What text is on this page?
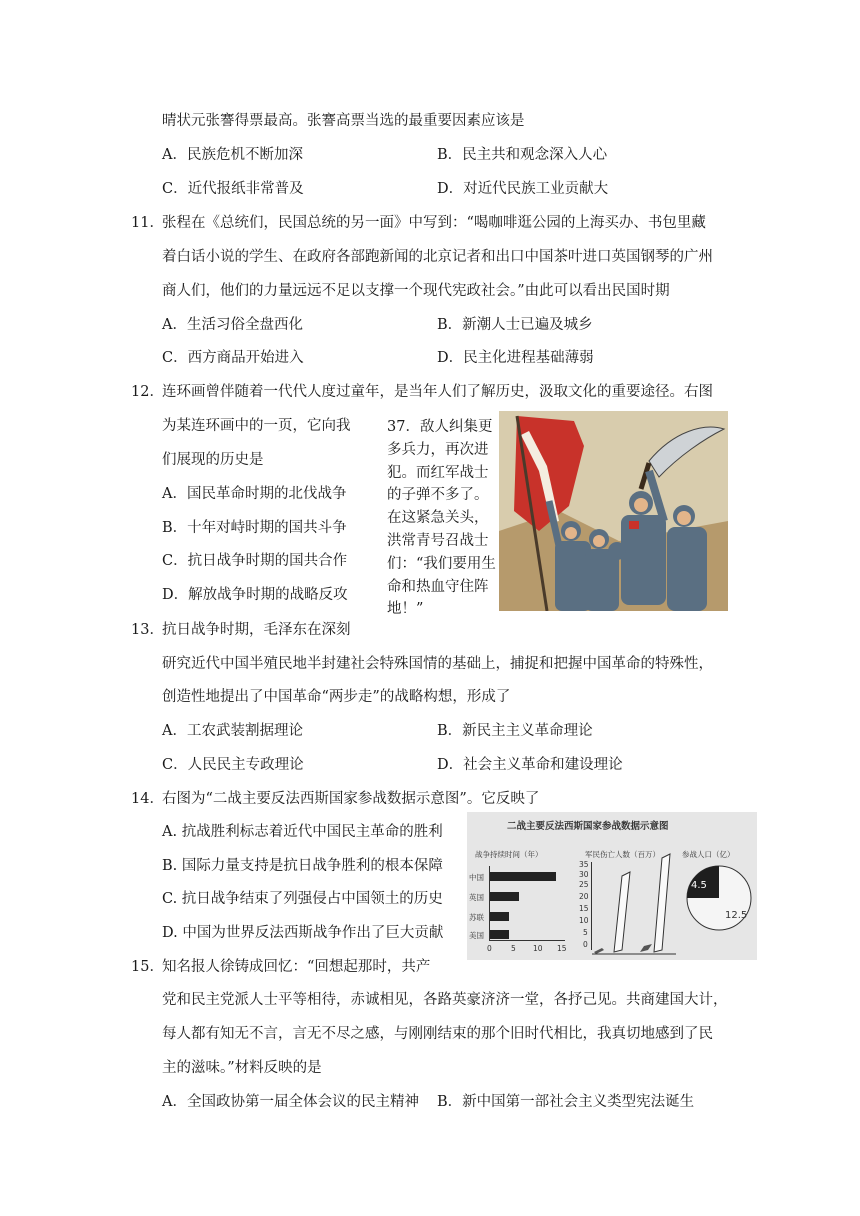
晴状元张謇得票最高。张謇高票当选的最重要因素应该是
A．民族危机不断加深	B．民主共和观念深入人心
C．近代报纸非常普及	D．对近代民族工业贡献大
11．
张程在《总统们，民国总统的另一面》中写到：“喝咖啡逛公园的上海买办、书包里藏
着白话小说的学生、在政府各部跑新闻的北京记者和出口中国茶叶进口英国钢琴的广州
商人们，他们的力量远远不足以支撑一个现代宪政社会。”由此可以看出民国时期
A．生活习俗全盘西化	B．新潮人士已遍及城乡
C．西方商品开始进入	D．民主化进程基础薄弱
12．
连环画曾伴随着一代代人度过童年，是当年人们了解历史，汲取文化的重要途径。右图
为某连环画中的一页，它向我
们展现的历史是
A．国民革命时期的北伐战争
B．十年对峙时期的国共斗争
C．抗日战争时期的国共合作
D．解放战争时期的战略反攻
37．敌人纠集更多兵力，再次进犯。而红军战士的子弹不多了。在这紧急关头，洪常青号召战士们：“我们要用生命和热血守住阵地！”
13．
抗日战争时期，毛泽东在深刻
研究近代中国半殖民地半封建社会特殊国情的基础上，捕捉和把握中国革命的特殊性，
创造性地提出了中国革命“两步走”的战略构想，形成了
A．工农武装割据理论	B．新民主主义革命理论
C．人民民主专政理论	D．社会主义革命和建设理论
14．
右图为“二战主要反法西斯国家参战数据示意图”。它反映了
A. 抗战胜利标志着近代中国民主革命的胜利
B. 国际力量支持是抗日战争胜利的根本保障
C. 抗日战争结束了列强侵占中国领土的历史
D. 中国为世界反法西斯战争作出了巨大贡献
二战主要反法西斯国家参战数据示意图
战争持续时间（年）	军民伤亡人数（百万）	参战人口（亿）
中国
英国
苏联
美国
0	5 10 15
35
30
25
20
15
10
5
0
4.5
12.5
15．
知名报人徐铸成回忆：“回想起那时，共产
党和民主党派人士平等相待，赤诚相见，各路英豪济济一堂，各抒己见。共商建国大计，
每人都有知无不言，言无不尽之感，与刚刚结束的那个旧时代相比，我真切地感到了民
主的滋味。”材料反映的是
A．全国政协第一届全体会议的民主精神 B．新中国第一部社会主义类型宪法诞生
